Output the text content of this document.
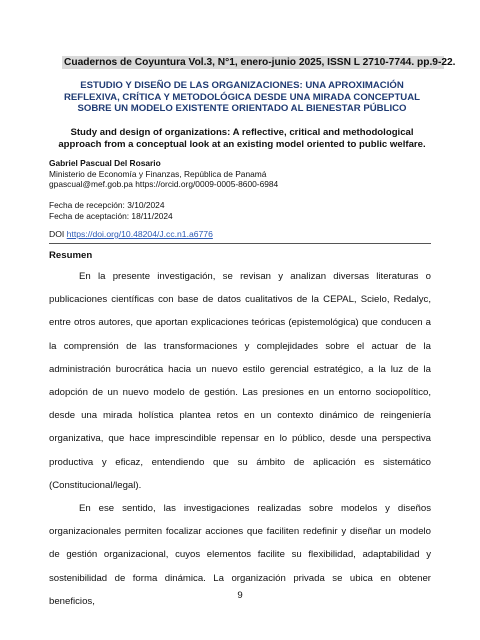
Cuadernos de Coyuntura Vol.3, N°1, enero-junio 2025, ISSN L 2710-7744. pp.9-22.
ESTUDIO Y DISEÑO DE LAS ORGANIZACIONES: UNA APROXIMACIÓN REFLEXIVA, CRÍTICA Y METODOLÓGICA DESDE UNA MIRADA CONCEPTUAL SOBRE UN MODELO EXISTENTE ORIENTADO AL BIENESTAR PÚBLICO
Study and design of organizations: A reflective, critical and methodological approach from a conceptual look at an existing model oriented to public welfare.
Gabriel Pascual Del Rosario
Ministerio de Economía y Finanzas, República de Panamá
gpascual@mef.gob.pa https://orcid.org/0009-0005-8600-6984
Fecha de recepción: 3/10/2024
Fecha de aceptación: 18/11/2024
DOI https://doi.org/10.48204/J.cc.n1.a6776
Resumen

En la presente investigación, se revisan y analizan diversas literaturas o publicaciones científicas con base de datos cualitativos de la CEPAL, Scielo, Redalyc, entre otros autores, que aportan explicaciones teóricas (epistemológica) que conducen a la comprensión de las transformaciones y complejidades sobre el actuar de la administración burocrática hacia un nuevo estilo gerencial estratégico, a la luz de la adopción de un nuevo modelo de gestión. Las presiones en un entorno sociopolítico, desde una mirada holística plantea retos en un contexto dinámico de reingeniería organizativa, que hace imprescindible repensar en lo público, desde una perspectiva productiva y eficaz, entendiendo que su ámbito de aplicación es sistemático (Constitucional/legal).

En ese sentido, las investigaciones realizadas sobre modelos y diseños organizacionales permiten focalizar acciones que faciliten redefinir y diseñar un modelo de gestión organizacional, cuyos elementos facilite su flexibilidad, adaptabilidad y sostenibilidad de forma dinámica. La organización privada se ubica en obtener beneficios,

9
